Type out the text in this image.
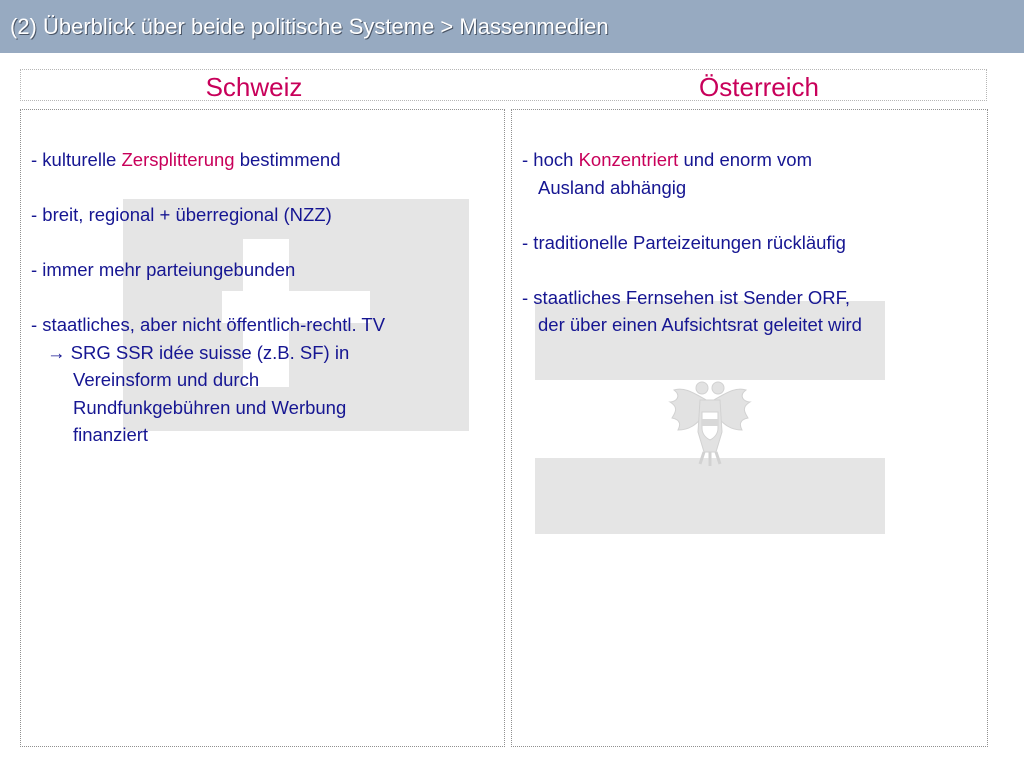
(2) Überblick über beide politische Systeme > Massenmedien
Schweiz	Österreich
- kulturelle Zersplitterung bestimmend
- breit, regional + überregional (NZZ)
- immer mehr parteiungebunden
- staatliches, aber nicht öffentlich-rechtl. TV
→ SRG SSR idée suisse (z.B. SF) in
Vereinsform und durch
Rundfunkgebühren und Werbung
finanziert
- hoch Konzentriert und enorm vom
Ausland abhängig
- traditionelle Parteizeitungen rückläufig
- staatliches Fernsehen ist Sender ORF,
der über einen Aufsichtsrat geleitet wird
